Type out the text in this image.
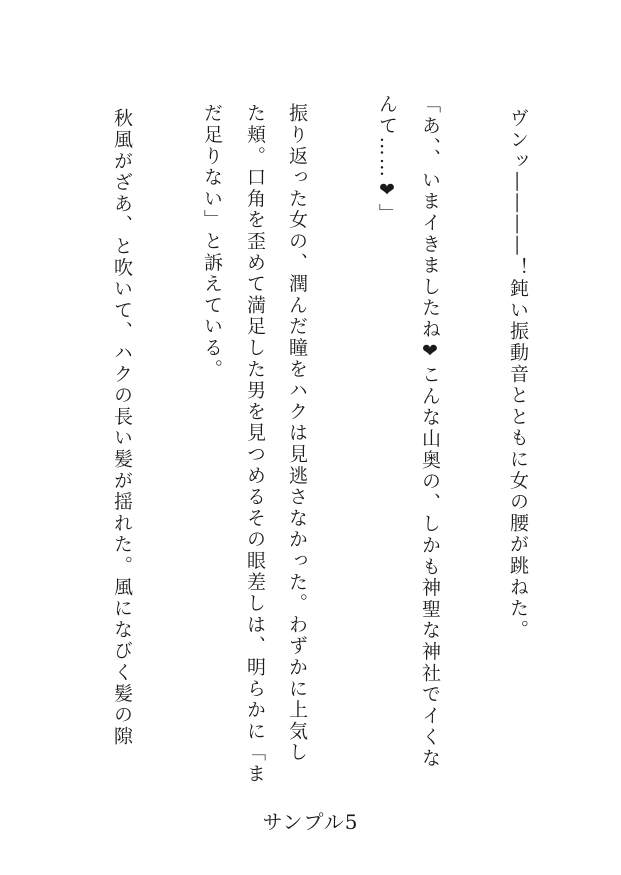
ヴンッ――――！鈍い振動音とともに女の腰が跳ねた。
「あ、、いまイきましたね❤こんな山奥の、しかも神聖な神社でイくな
んて……❤」
振り返った女の、潤んだ瞳をハクは見逃さなかった。わずかに上気し
た頬。口角を歪めて満足した男を見つめるその眼差しは、明らかに「ま
だ足りない」と訴えている。
秋風がざあ、と吹いて、ハクの長い髪が揺れた。風になびく髪の隙
サンプル5
